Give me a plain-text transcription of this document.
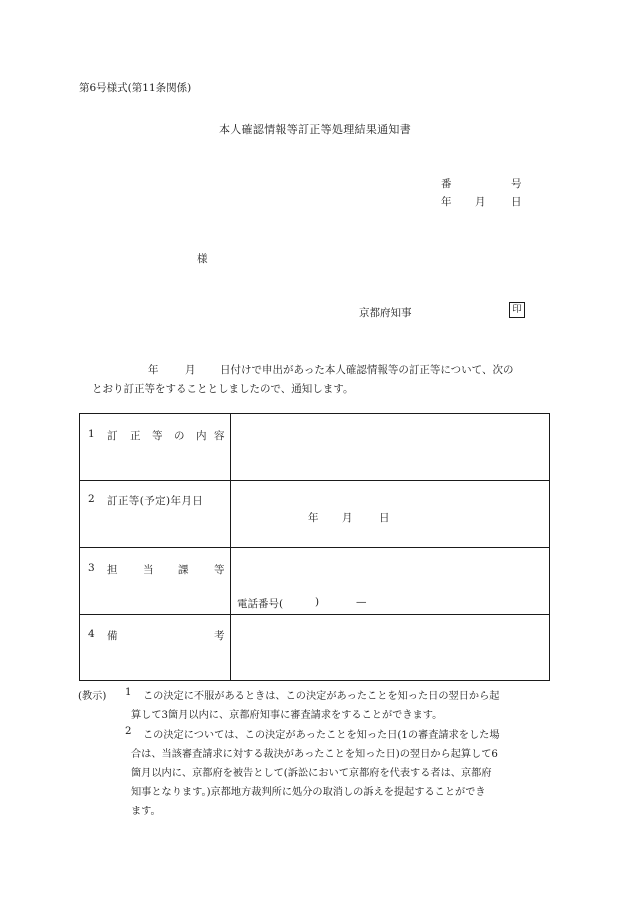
第6号様式(第11条関係)
本人確認情報等訂正等処理結果通知書
番	号
年 月 日
様
京都府知事	印
年	月 日付けで申出があった本人確認情報等の訂正等について、次の
とおり訂正等をすることとしましたので、通知します。
1 訂 正 等 の 内 容
2 訂正等(予定)年月日
年 月	日
3 担 当 課 等
電話番号(	)	—
4 備	考
(教示) 1 この決定に不服があるときは、この決定があったことを知った日の翌日から起
算して3箇月以内に、京都府知事に審査請求をすることができます。
2 この決定については、この決定があったことを知った日(1の審査請求をした場
合は、当該審査請求に対する裁決があったことを知った日)の翌日から起算して6
箇月以内に、京都府を被告として(訴訟において京都府を代表する者は、京都府
知事となります。)京都地方裁判所に処分の取消しの訴えを提起することができ
ます。
